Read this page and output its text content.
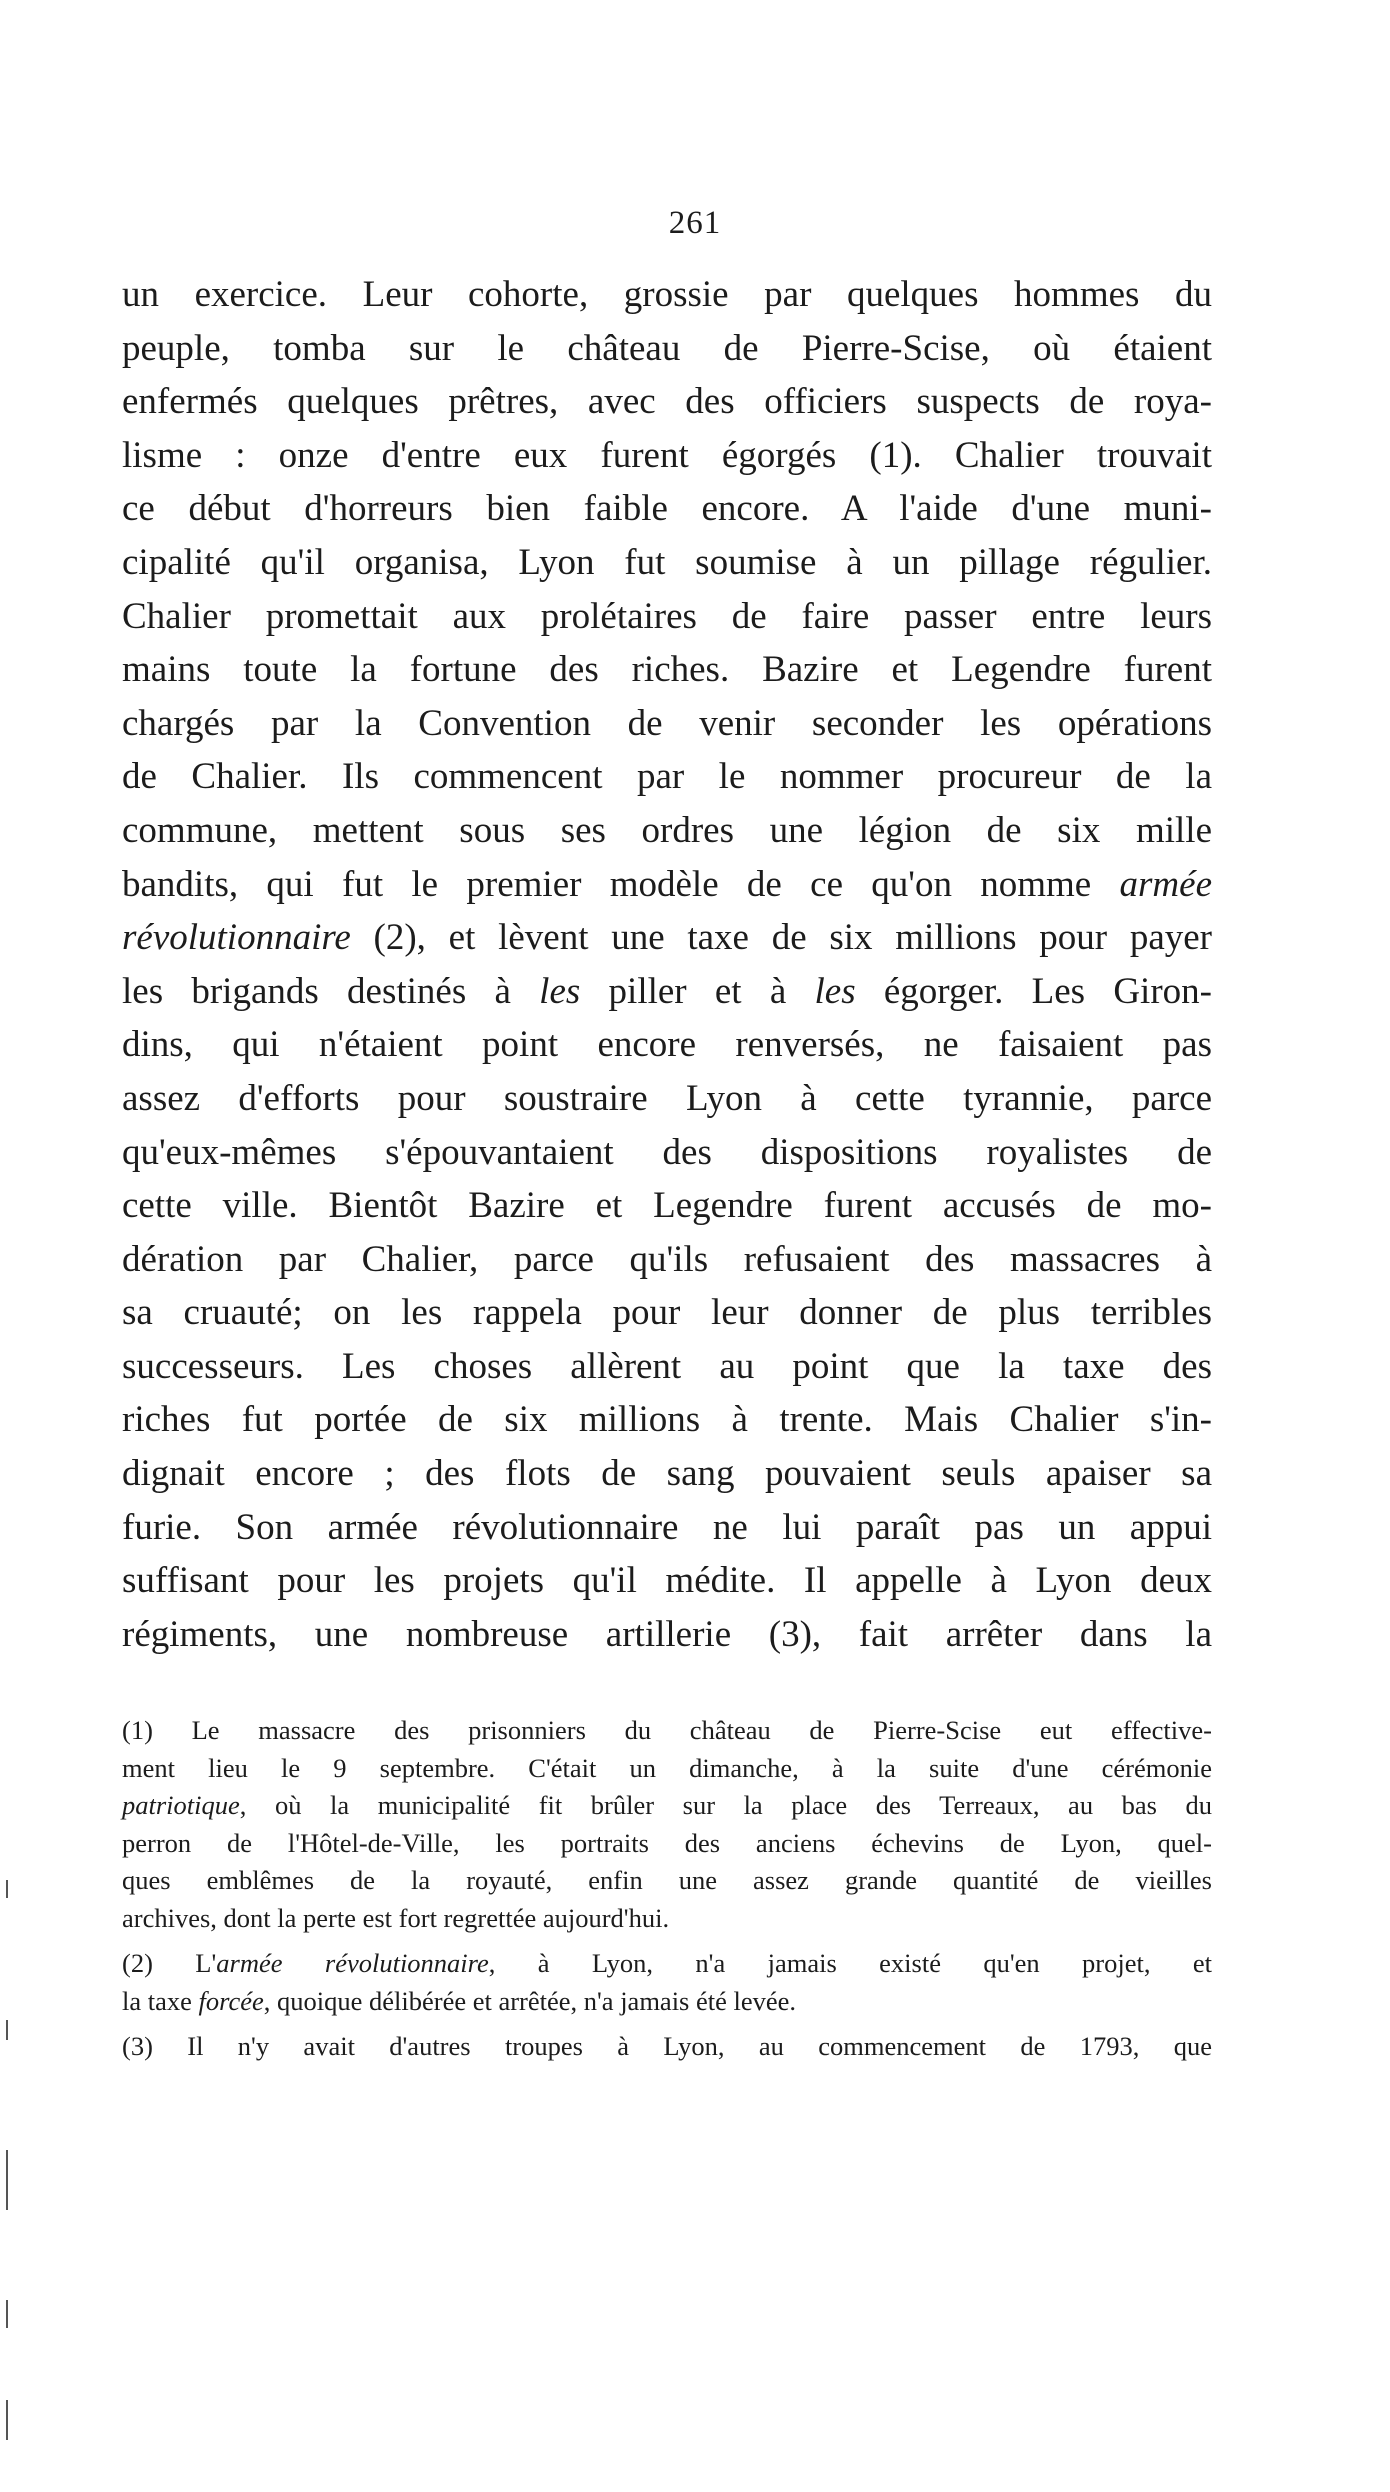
261
un exercice. Leur cohorte, grossie par quelques hommes du
peuple, tomba sur le château de Pierre-Scise, où étaient
enfermés quelques prêtres, avec des officiers suspects de roya-
lisme : onze d'entre eux furent égorgés (1). Chalier trouvait
ce début d'horreurs bien faible encore. A l'aide d'une muni-
cipalité qu'il organisa, Lyon fut soumise à un pillage régulier.
Chalier promettait aux prolétaires de faire passer entre leurs
mains toute la fortune des riches. Bazire et Legendre furent
chargés par la Convention de venir seconder les opérations
de Chalier. Ils commencent par le nommer procureur de la
commune, mettent sous ses ordres une légion de six mille
bandits, qui fut le premier modèle de ce qu'on nomme armée
révolutionnaire (2), et lèvent une taxe de six millions pour payer
les brigands destinés à les piller et à les égorger. Les Giron-
dins, qui n'étaient point encore renversés, ne faisaient pas
assez d'efforts pour soustraire Lyon à cette tyrannie, parce
qu'eux-mêmes s'épouvantaient des dispositions royalistes de
cette ville. Bientôt Bazire et Legendre furent accusés de mo-
dération par Chalier, parce qu'ils refusaient des massacres à
sa cruauté; on les rappela pour leur donner de plus terribles
successeurs. Les choses allèrent au point que la taxe des
riches fut portée de six millions à trente. Mais Chalier s'in-
dignait encore ; des flots de sang pouvaient seuls apaiser sa
furie. Son armée révolutionnaire ne lui paraît pas un appui
suffisant pour les projets qu'il médite. Il appelle à Lyon deux
régiments, une nombreuse artillerie (3), fait arrêter dans la
(1) Le massacre des prisonniers du château de Pierre-Scise eut effective-
ment lieu le 9 septembre. C'était un dimanche, à la suite d'une cérémonie
patriotique, où la municipalité fit brûler sur la place des Terreaux, au bas du
perron de l'Hôtel-de-Ville, les portraits des anciens échevins de Lyon, quel-
ques emblêmes de la royauté, enfin une assez grande quantité de vieilles
archives, dont la perte est fort regrettée aujourd'hui.
(2) L'armée révolutionnaire, à Lyon, n'a jamais existé qu'en projet, et
la taxe forcée, quoique délibérée et arrêtée, n'a jamais été levée.
(3) Il n'y avait d'autres troupes à Lyon, au commencement de 1793, que
